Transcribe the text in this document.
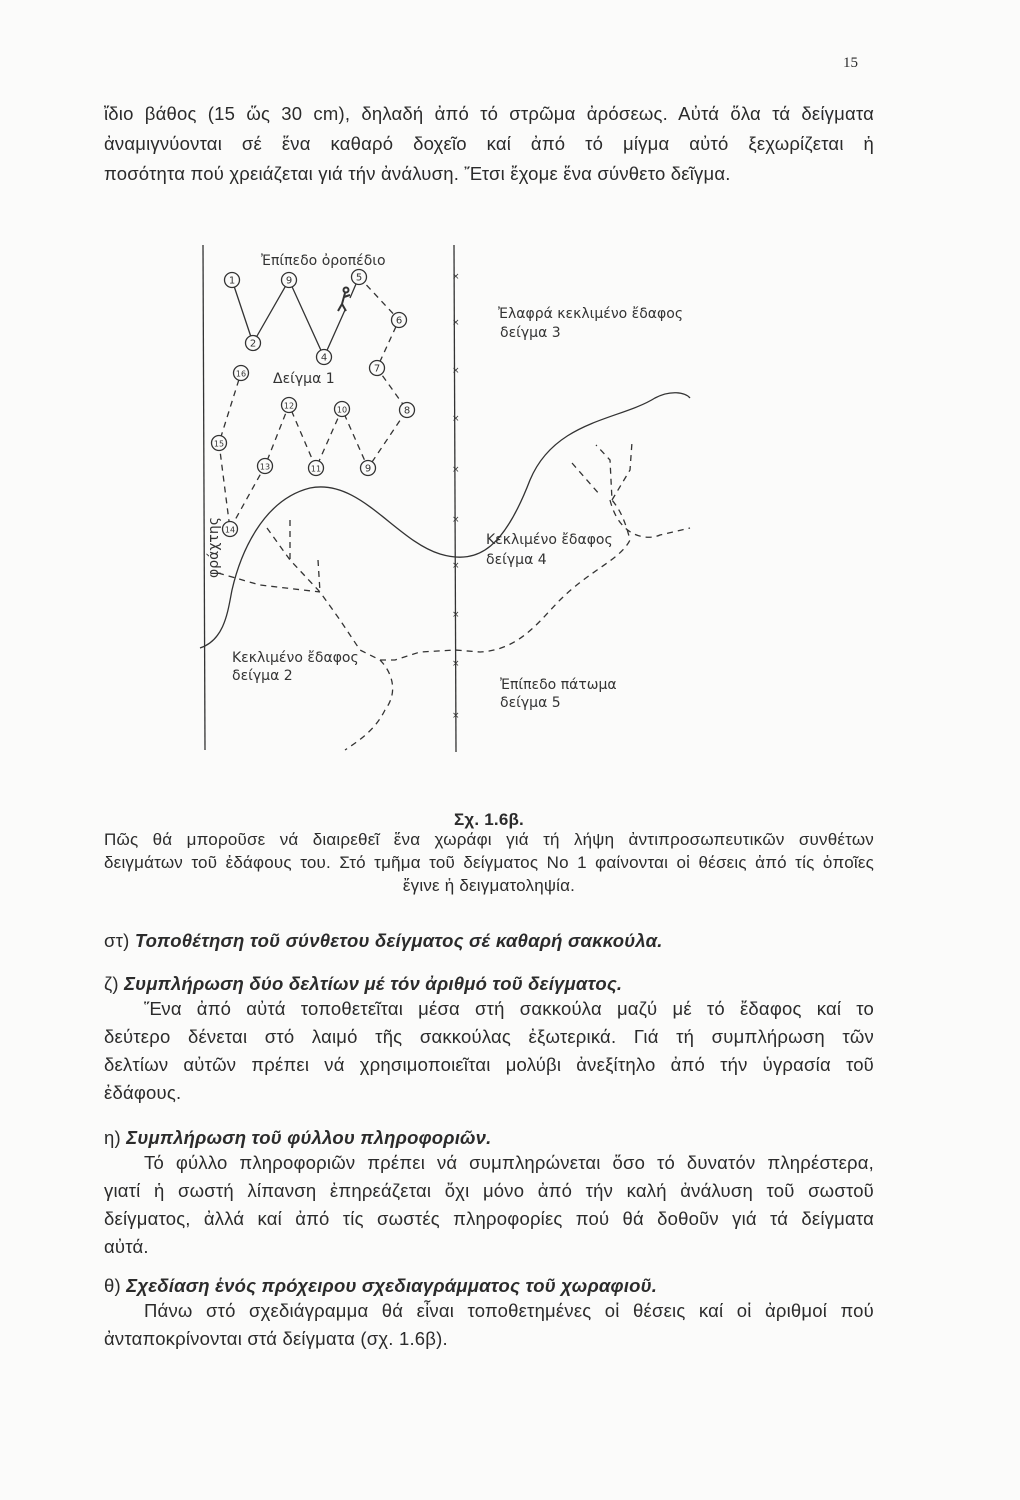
15
ἴδιο βάθος (15 ὥς 30 cm), δηλαδή ἀπό τό στρῶμα ἀρόσεως. Αὐτά ὅλα τά δείγματα
ἀναμιγνύονται σέ ἕνα καθαρό δοχεῖο καί ἀπό τό μίγμα αὐτό ξεχωρίζεται ἡ
ποσότητα πού χρειάζεται γιά τήν ἀνάλυση. Ἔτσι ἔχομε ἕνα σύνθετο δεῖγμα.
×
×
×
×
×
×
×
×
×
×
1	9
2
4
5
6
7
8
16
12	10
15
13	11	9
14
Ἐπίπεδο ὀροπέδιο
Δείγμα 1
Ἐλαφρά κεκλιμένο ἔδαφος
δείγμα 3
φράχτης	Κεκλιμένο ἔδαφος
δείγμα 4
Κεκλιμένο ἔδαφος
δείγμα 2
Ἐπίπεδο πάτωμα
δείγμα 5
Σχ. 1.6β.
Πῶς θά μποροῦσε νά διαιρεθεῖ ἕνα χωράφι γιά τή λήψη ἀντιπροσωπευτικῶν συνθέτων
δειγμάτων τοῦ ἐδάφους του. Στό τμῆμα τοῦ δείγματος Νο 1 φαίνονται οἱ θέσεις ἀπό τίς ὁποῖες
ἔγινε ἡ δειγματοληψία.
στ) Τοποθέτηση τοῦ σύνθετου δείγματος σέ καθαρή σακκούλα.
ζ) Συμπλήρωση δύο δελτίων μέ τόν ἀριθμό τοῦ δείγματος.
Ἕνα ἀπό αὐτά τοποθετεῖται μέσα στή σακκούλα μαζύ μέ τό ἔδαφος καί το
δεύτερο δένεται στό λαιμό τῆς σακκούλας ἐξωτερικά. Γιά τή συμπλήρωση τῶν
δελτίων αὐτῶν πρέπει νά χρησιμοποιεῖται μολύβι ἀνεξίτηλο ἀπό τήν ὑγρασία τοῦ
ἐδάφους.
η) Συμπλήρωση τοῦ φύλλου πληροφοριῶν.
Τό φύλλο πληροφοριῶν πρέπει νά συμπληρώνεται ὅσο τό δυνατόν πληρέστερα,
γιατί ἡ σωστή λίπανση ἐπηρεάζεται ὄχι μόνο ἀπό τήν καλή ἀνάλυση τοῦ σωστοῦ
δείγματος, ἀλλά καί ἀπό τίς σωστές πληροφορίες πού θά δοθοῦν γιά τά δείγματα
αὐτά.
θ) Σχεδίαση ἑνός πρόχειρου σχεδιαγράμματος τοῦ χωραφιοῦ.
Πάνω στό σχεδιάγραμμα θά εἶναι τοποθετημένες οἱ θέσεις καί οἱ ἀριθμοί πού
ἀνταποκρίνονται στά δείγματα (σχ. 1.6β).
